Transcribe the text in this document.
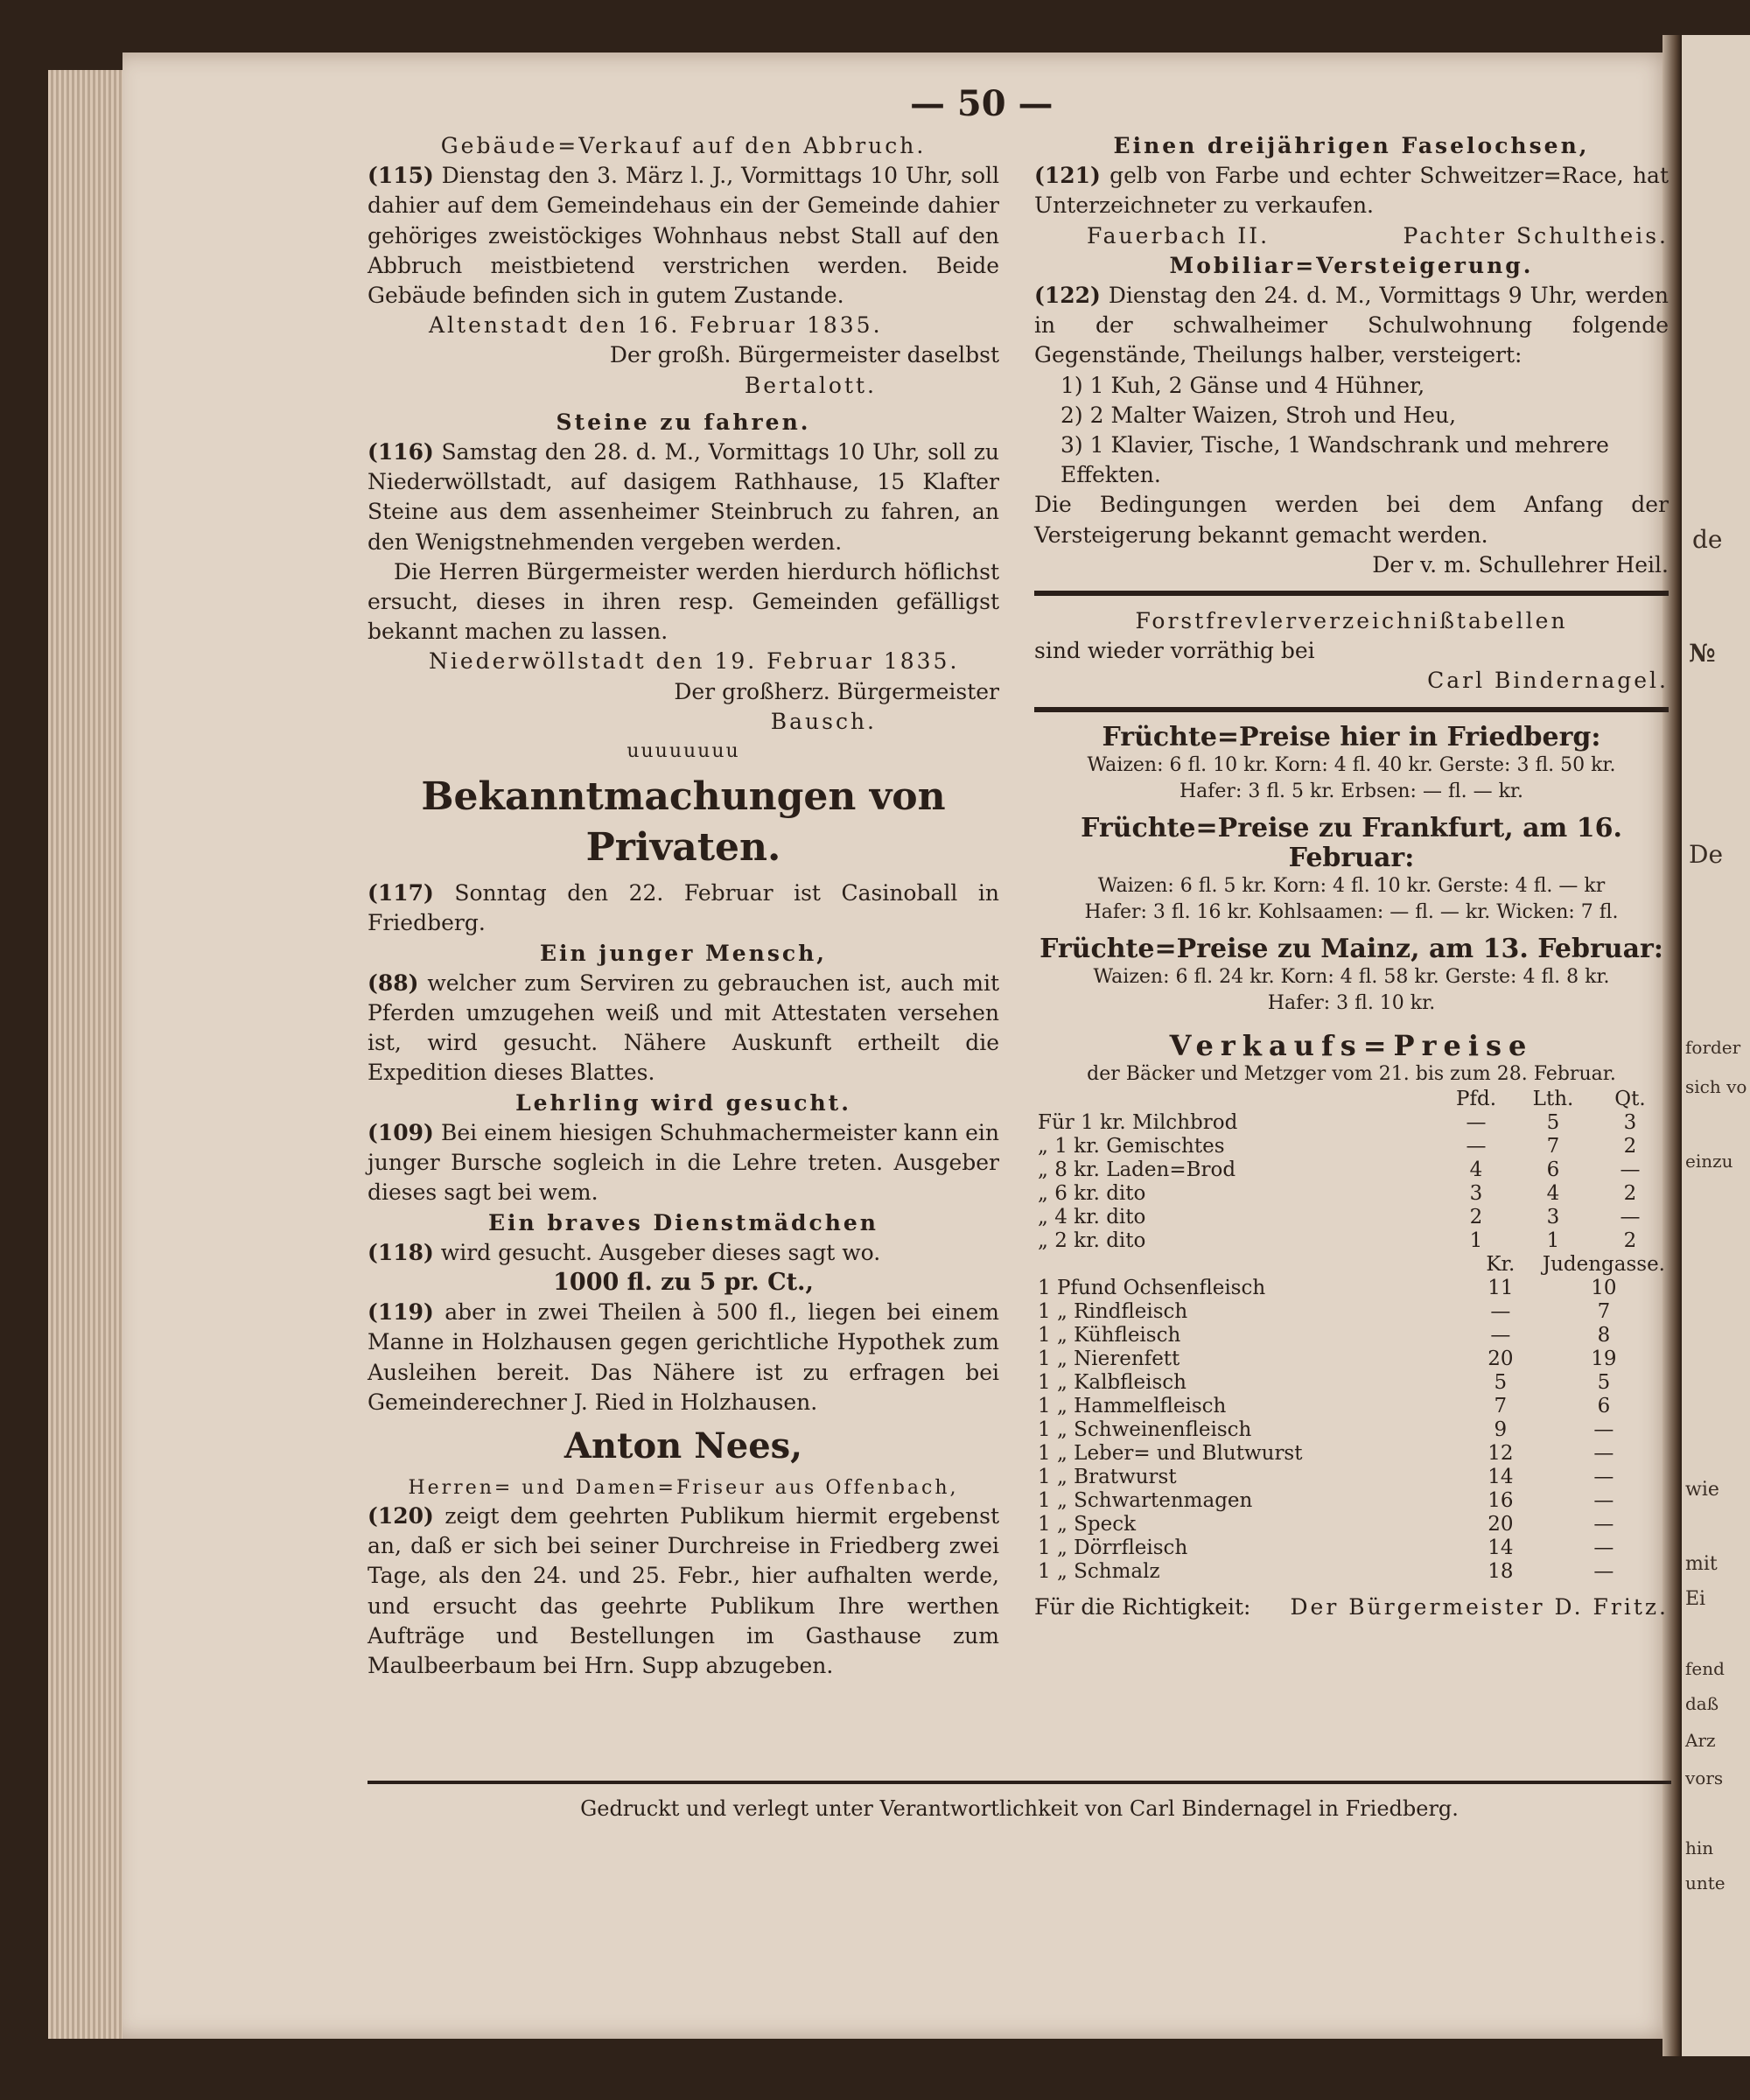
de
№
De
forder
sich vo
einzu
wie
mit
Ei
fend
daß
Arz
vors
hin
unte
— 50 —
Gebäude=Verkauf auf den Abbruch.
(115) Dienstag den 3. März l. J., Vormittags 10 Uhr, soll dahier auf dem Gemeindehaus ein der Gemeinde dahier gehöriges zweistöckiges Wohnhaus nebst Stall auf den Abbruch meistbietend verstrichen werden. Beide Gebäude befinden sich in gutem Zustande.
Altenstadt den 16. Februar 1835.
Der großh. Bürgermeister daselbst
Bertalott.
Steine zu fahren.
(116) Samstag den 28. d. M., Vormittags 10 Uhr, soll zu Niederwöllstadt, auf dasigem Rathhause, 15 Klafter Steine aus dem assenheimer Steinbruch zu fahren, an den Wenigstnehmenden vergeben werden.
Die Herren Bürgermeister werden hierdurch höflichst ersucht, dieses in ihren resp. Gemeinden gefälligst bekannt machen zu lassen.
Niederwöllstadt den 19. Februar 1835.
Der großherz. Bürgermeister
Bausch.
uuuuuuuu
Bekanntmachungen von Privaten.
(117) Sonntag den 22. Februar ist Casinoball in Friedberg.
Ein junger Mensch,
(88) welcher zum Serviren zu gebrauchen ist, auch mit Pferden umzugehen weiß und mit Attestaten versehen ist, wird gesucht. Nähere Auskunft ertheilt die Expedition dieses Blattes.
Lehrling wird gesucht.
(109) Bei einem hiesigen Schuhmachermeister kann ein junger Bursche sogleich in die Lehre treten. Ausgeber dieses sagt bei wem.
Ein braves Dienstmädchen
(118) wird gesucht. Ausgeber dieses sagt wo.
1000 fl. zu 5 pr. Ct.,
(119) aber in zwei Theilen à 500 fl., liegen bei einem Manne in Holzhausen gegen gerichtliche Hypothek zum Ausleihen bereit. Das Nähere ist zu erfragen bei Gemeinderechner J. Ried in Holzhausen.
Anton Nees,
Herren= und Damen=Friseur aus Offenbach,
(120) zeigt dem geehrten Publikum hiermit ergebenst an, daß er sich bei seiner Durchreise in Friedberg zwei Tage, als den 24. und 25. Febr., hier aufhalten werde, und ersucht das geehrte Publikum Ihre werthen Aufträge und Bestellungen im Gasthause zum Maulbeerbaum bei Hrn. Supp abzugeben.
Einen dreijährigen Faselochsen,
(121) gelb von Farbe und echter Schweitzer=Race, hat Unterzeichneter zu verkaufen.
Fauerbach II.	Pachter Schultheis.
Mobiliar=Versteigerung.
(122) Dienstag den 24. d. M., Vormittags 9 Uhr, werden in der schwalheimer Schulwohnung folgende Gegenstände, Theilungs halber, versteigert:
1) 1 Kuh, 2 Gänse und 4 Hühner,
2) 2 Malter Waizen, Stroh und Heu,
3) 1 Klavier, Tische, 1 Wandschrank und mehrere Effekten.
Die Bedingungen werden bei dem Anfang der Versteigerung bekannt gemacht werden.
Der v. m. Schullehrer Heil.
Forstfrevlerverzeichnißtabellen
sind wieder vorräthig bei
Carl Bindernagel.
Früchte=Preise hier in Friedberg:
Waizen: 6 fl. 10 kr. Korn: 4 fl. 40 kr. Gerste: 3 fl. 50 kr.
Hafer: 3 fl. 5 kr. Erbsen: — fl. — kr.
Früchte=Preise zu Frankfurt, am 16. Februar:
Waizen: 6 fl. 5 kr. Korn: 4 fl. 10 kr. Gerste: 4 fl. — kr
Hafer: 3 fl. 16 kr. Kohlsaamen: — fl. — kr. Wicken: 7 fl.
Früchte=Preise zu Mainz, am 13. Februar:
Waizen: 6 fl. 24 kr. Korn: 4 fl. 58 kr. Gerste: 4 fl. 8 kr.
Hafer: 3 fl. 10 kr.
Verkaufs=Preise
der Bäcker und Metzger vom 21. bis zum 28. Februar.
	Pfd.	Lth.	Qt.
Für 1 kr. Milchbrod	—	5	3
„ 1 kr. Gemischtes	—	7	2
„ 8 kr. Laden=Brod	4	6	—
„ 6 kr. dito	3	4	2
„ 4 kr. dito	2	3	—
„ 2 kr. dito	1	1	2
	Kr.	Judengasse.
1 Pfund Ochsenfleisch	11	10
1 „ Rindfleisch	—	7
1 „ Kühfleisch	—	8
1 „ Nierenfett	20	19
1 „ Kalbfleisch	5	5
1 „ Hammelfleisch	7	6
1 „ Schweinenfleisch	9	—
1 „ Leber= und Blutwurst	12	—
1 „ Bratwurst	14	—
1 „ Schwartenmagen	16	—
1 „ Speck	20	—
1 „ Dörrfleisch	14	—
1 „ Schmalz	18	—
Für die Richtigkeit: Der Bürgermeister D. Fritz.
Gedruckt und verlegt unter Verantwortlichkeit von Carl Bindernagel in Friedberg.
